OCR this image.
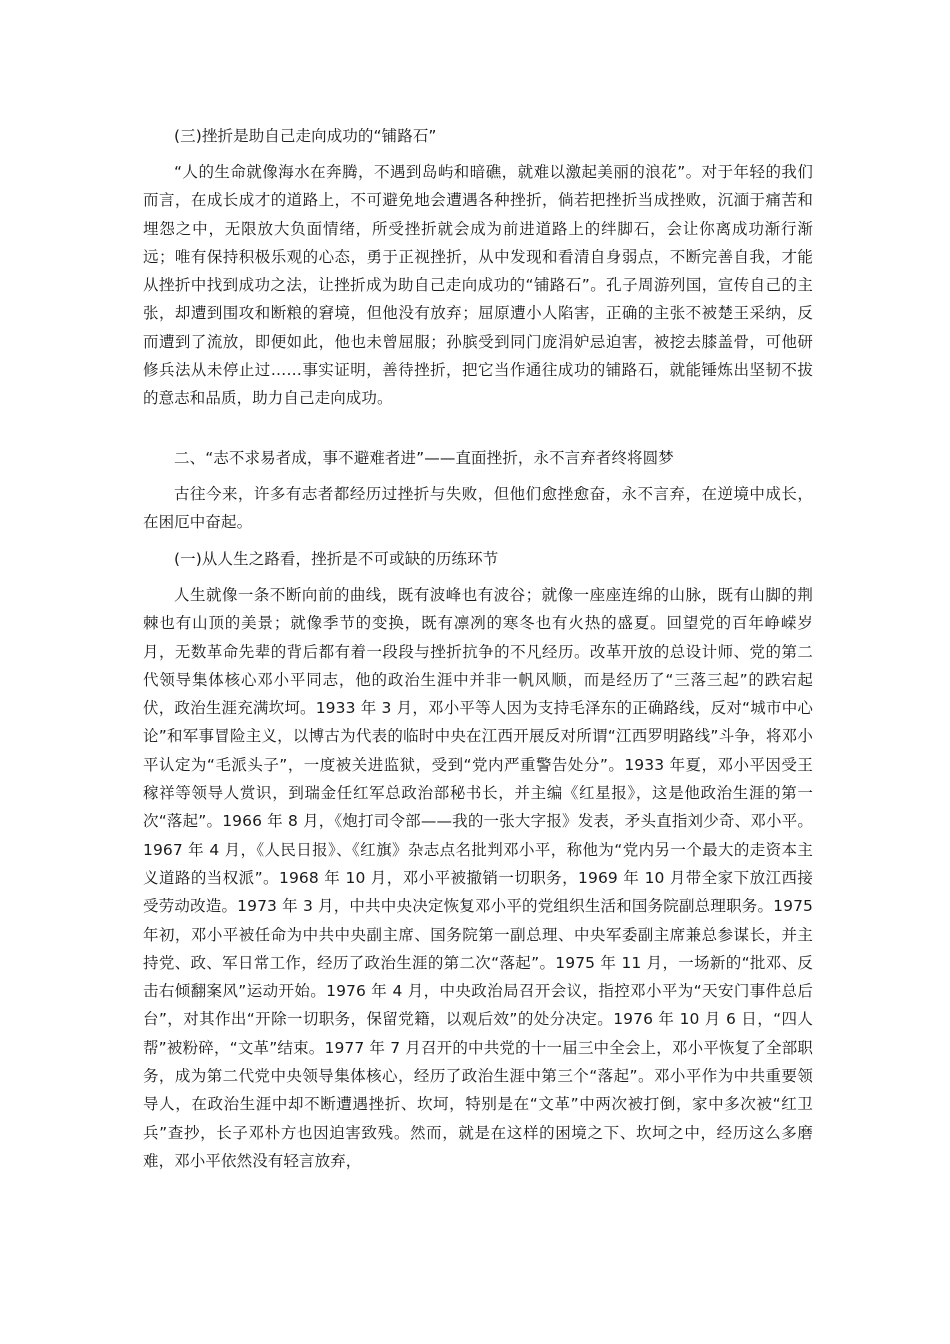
(三)挫折是助自己走向成功的“铺路石”

“人的生命就像海水在奔腾，不遇到岛屿和暗礁，就难以激起美丽的浪花”。对于年轻的我们而言，在成长成才的道路上，不可避免地会遭遇各种挫折，倘若把挫折当成挫败，沉湎于痛苦和埋怨之中，无限放大负面情绪，所受挫折就会成为前进道路上的绊脚石，会让你离成功渐行渐远；唯有保持积极乐观的心态，勇于正视挫折，从中发现和看清自身弱点，不断完善自我，才能从挫折中找到成功之法，让挫折成为助自己走向成功的“铺路石”。孔子周游列国，宣传自己的主张，却遭到围攻和断粮的窘境，但他没有放弃；屈原遭小人陷害，正确的主张不被楚王采纳，反而遭到了流放，即便如此，他也未曾屈服；孙膑受到同门庞涓妒忌迫害，被挖去膝盖骨，可他研修兵法从未停止过……事实证明，善待挫折，把它当作通往成功的铺路石，就能锤炼出坚韧不拔的意志和品质，助力自己走向成功。

二、“志不求易者成，事不避难者进”——直面挫折，永不言弃者终将圆梦

古往今来，许多有志者都经历过挫折与失败，但他们愈挫愈奋，永不言弃，在逆境中成长，在困厄中奋起。

(一)从人生之路看，挫折是不可或缺的历练环节

人生就像一条不断向前的曲线，既有波峰也有波谷；就像一座座连绵的山脉，既有山脚的荆棘也有山顶的美景；就像季节的变换，既有凛冽的寒冬也有火热的盛夏。回望党的百年峥嵘岁月，无数革命先辈的背后都有着一段段与挫折抗争的不凡经历。改革开放的总设计师、党的第二代领导集体核心邓小平同志，他的政治生涯中并非一帆风顺，而是经历了“三落三起”的跌宕起伏，政治生涯充满坎坷。1933 年 3 月，邓小平等人因为支持毛泽东的正确路线，反对“城市中心论”和军事冒险主义，以博古为代表的临时中央在江西开展反对所谓“江西罗明路线”斗争，将邓小平认定为“毛派头子”，一度被关进监狱，受到“党内严重警告处分”。1933 年夏，邓小平因受王稼祥等领导人赏识，到瑞金任红军总政治部秘书长，并主编《红星报》，这是他政治生涯的第一次“落起”。1966 年 8 月，《炮打司令部——我的一张大字报》发表，矛头直指刘少奇、邓小平。1967 年 4 月，《人民日报》、《红旗》杂志点名批判邓小平，称他为“党内另一个最大的走资本主义道路的当权派”。1968 年 10 月，邓小平被撤销一切职务，1969 年 10 月带全家下放江西接受劳动改造。1973 年 3 月，中共中央决定恢复邓小平的党组织生活和国务院副总理职务。1975 年初，邓小平被任命为中共中央副主席、国务院第一副总理、中央军委副主席兼总参谋长，并主持党、政、军日常工作，经历了政治生涯的第二次“落起”。1975 年 11 月，一场新的“批邓、反击右倾翻案风”运动开始。1976 年 4 月，中央政治局召开会议，指控邓小平为“天安门事件总后台”，对其作出“开除一切职务，保留党籍，以观后效”的处分决定。1976 年 10 月 6 日，“四人帮”被粉碎，“文革”结束。1977 年 7 月召开的中共党的十一届三中全会上，邓小平恢复了全部职务，成为第二代党中央领导集体核心，经历了政治生涯中第三个“落起”。邓小平作为中共重要领导人，在政治生涯中却不断遭遇挫折、坎坷，特别是在“文革”中两次被打倒，家中多次被“红卫兵”查抄，长子邓朴方也因迫害致残。然而，就是在这样的困境之下、坎坷之中，经历这么多磨难，邓小平依然没有轻言放弃，
